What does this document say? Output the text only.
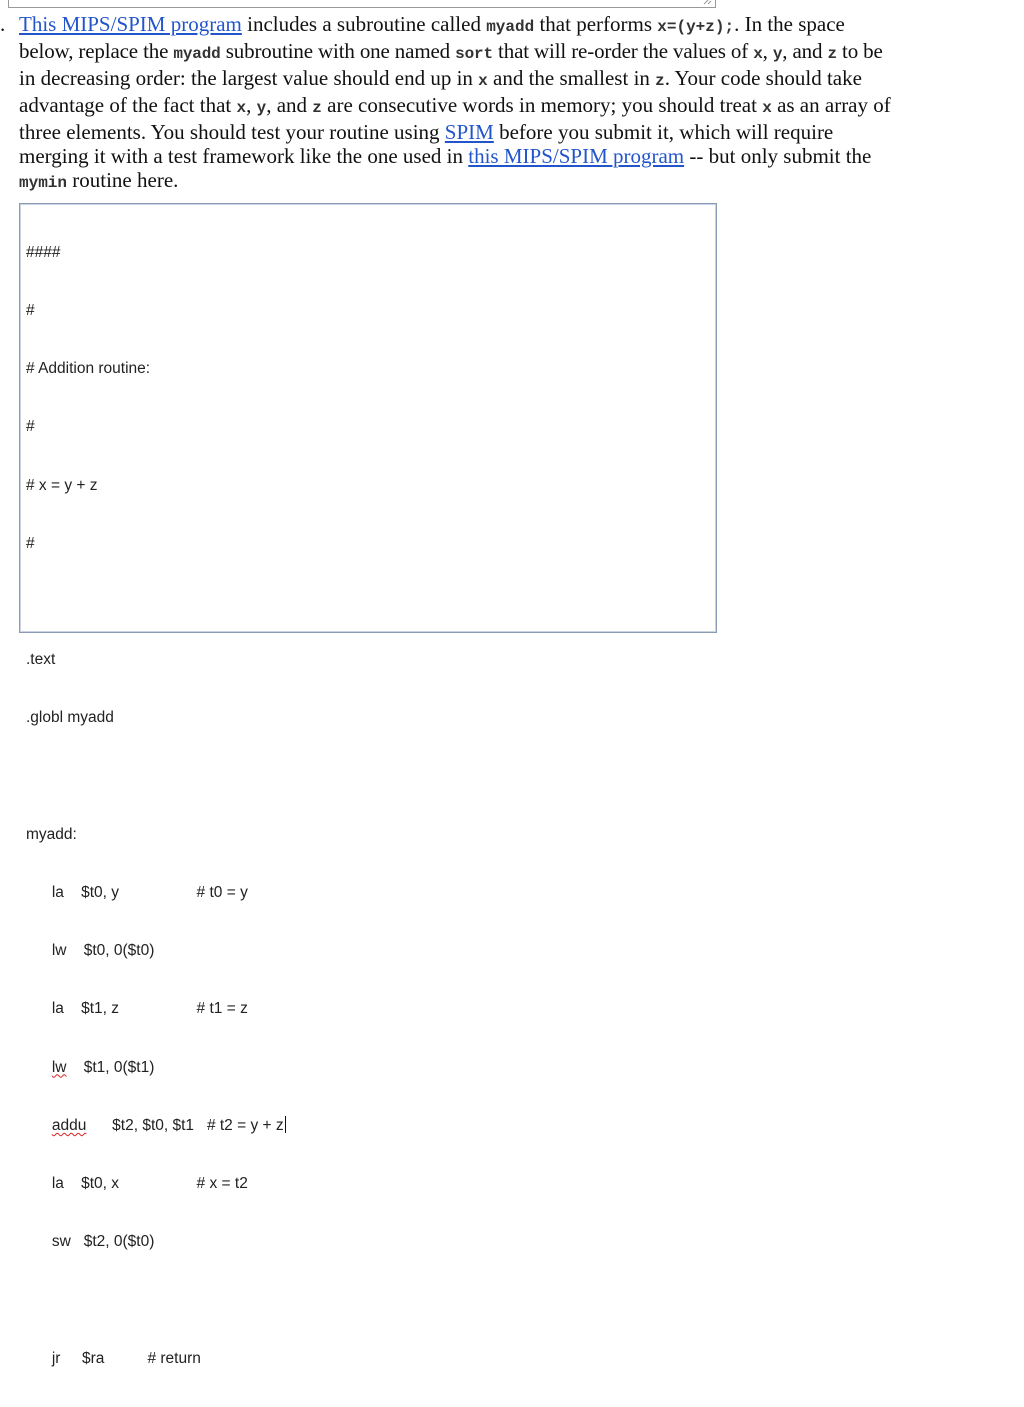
. This MIPS/SPIM program includes a subroutine called myadd that performs x=(y+z);. In the space
below, replace the myadd subroutine with one named sort that will re-order the values of x, y, and z to be
in decreasing order: the largest value should end up in x and the smallest in z. Your code should take
advantage of the fact that x, y, and z are consecutive words in memory; you should treat x as an array of
three elements. You should test your routine using SPIM before you submit it, which will require
merging it with a test framework like the one used in this MIPS/SPIM program -- but only submit the
mymin routine here.

####

#

# Addition routine:

#

# x = y + z

#

.text

.globl myadd

myadd:

la    $t0, y                  # t0 = y

lw    $t0, 0($t0)

la    $t1, z                  # t1 = z

lw    $t1, 0($t1)

addu      $t2, $t0, $t1   # t2 = y + z

la    $t0, x                  # x = t2

sw   $t2, 0($t0)

jr     $ra          # return
